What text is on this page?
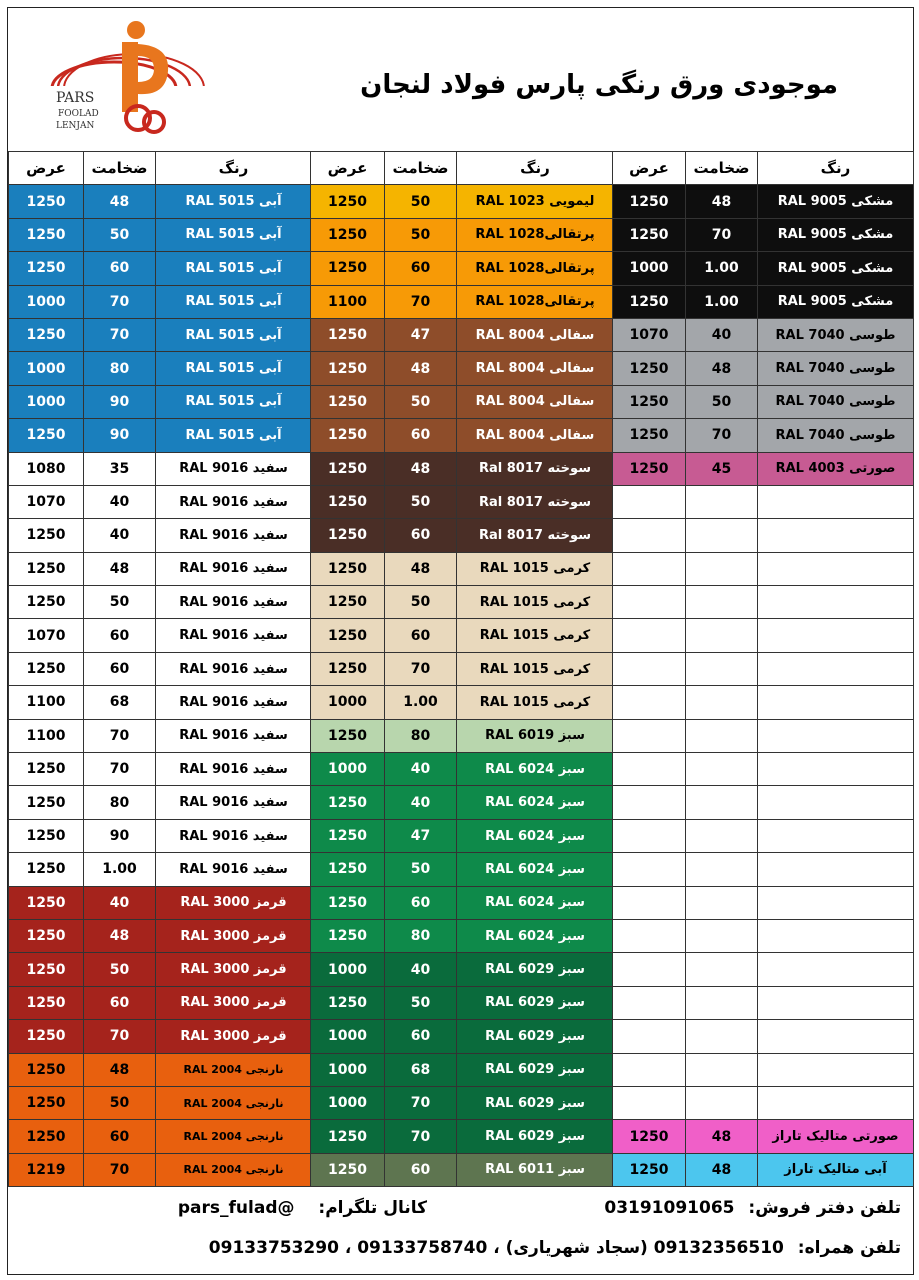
PARS
FOOLAD
LENJAN
موجودی ورق رنگی پارس فولاد لنجان
عرض	ضخامت	رنگ
1250	48	آبی RAL 5015
1250	50	آبی RAL 5015
1250	60	آبی RAL 5015
1000	70	آبی RAL 5015
1250	70	آبی RAL 5015
1000	80	آبی RAL 5015
1000	90	آبی RAL 5015
1250	90	آبی RAL 5015
1080	35	سفید RAL 9016
1070	40	سفید RAL 9016
1250	40	سفید RAL 9016
1250	48	سفید RAL 9016
1250	50	سفید RAL 9016
1070	60	سفید RAL 9016
1250	60	سفید RAL 9016
1100	68	سفید RAL 9016
1100	70	سفید RAL 9016
1250	70	سفید RAL 9016
1250	80	سفید RAL 9016
1250	90	سفید RAL 9016
1250	1.00	سفید RAL 9016
1250	40	قرمز RAL 3000
1250	48	قرمز RAL 3000
1250	50	قرمز RAL 3000
1250	60	قرمز RAL 3000
1250	70	قرمز RAL 3000
1250	48	نارنجی RAL 2004
1250	50	نارنجی RAL 2004
1250	60	نارنجی RAL 2004
1219	70	نارنجی RAL 2004
عرض	ضخامت	رنگ
1250	50	لیمویی RAL 1023
1250	50	پرتقالیRAL 1028
1250	60	پرتقالیRAL 1028
1100	70	پرتقالیRAL 1028
1250	47	سفالی RAL 8004
1250	48	سفالی RAL 8004
1250	50	سفالی RAL 8004
1250	60	سفالی RAL 8004
1250	48	سوخته Ral 8017
1250	50	سوخته Ral 8017
1250	60	سوخته Ral 8017
1250	48	کرمی RAL 1015
1250	50	کرمی RAL 1015
1250	60	کرمی RAL 1015
1250	70	کرمی RAL 1015
1000	1.00	کرمی RAL 1015
1250	80	سبز RAL 6019
1000	40	سبز RAL 6024
1250	40	سبز RAL 6024
1250	47	سبز RAL 6024
1250	50	سبز RAL 6024
1250	60	سبز RAL 6024
1250	80	سبز RAL 6024
1000	40	سبز RAL 6029
1250	50	سبز RAL 6029
1000	60	سبز RAL 6029
1000	68	سبز RAL 6029
1000	70	سبز RAL 6029
1250	70	سبز RAL 6029
1250	60	سبز RAL 6011
عرض	ضخامت	رنگ
1250	48	مشکی RAL 9005
1250	70	مشکی RAL 9005
1000	1.00	مشکی RAL 9005
1250	1.00	مشکی RAL 9005
1070	40	طوسی RAL 7040
1250	48	طوسی RAL 7040
1250	50	طوسی RAL 7040
1250	70	طوسی RAL 7040
1250	45	صورتی RAL 4003

1250	48	صورتی متالیک تاراز
1250	48	آبی متالیک تاراز
تلفن دفتر فروش: 03191091065
کانال تلگرام: @pars_fulad
تلفن همراه: 09132356510 (سجاد شهریاری) ، 09133758740 ، 09133753290
